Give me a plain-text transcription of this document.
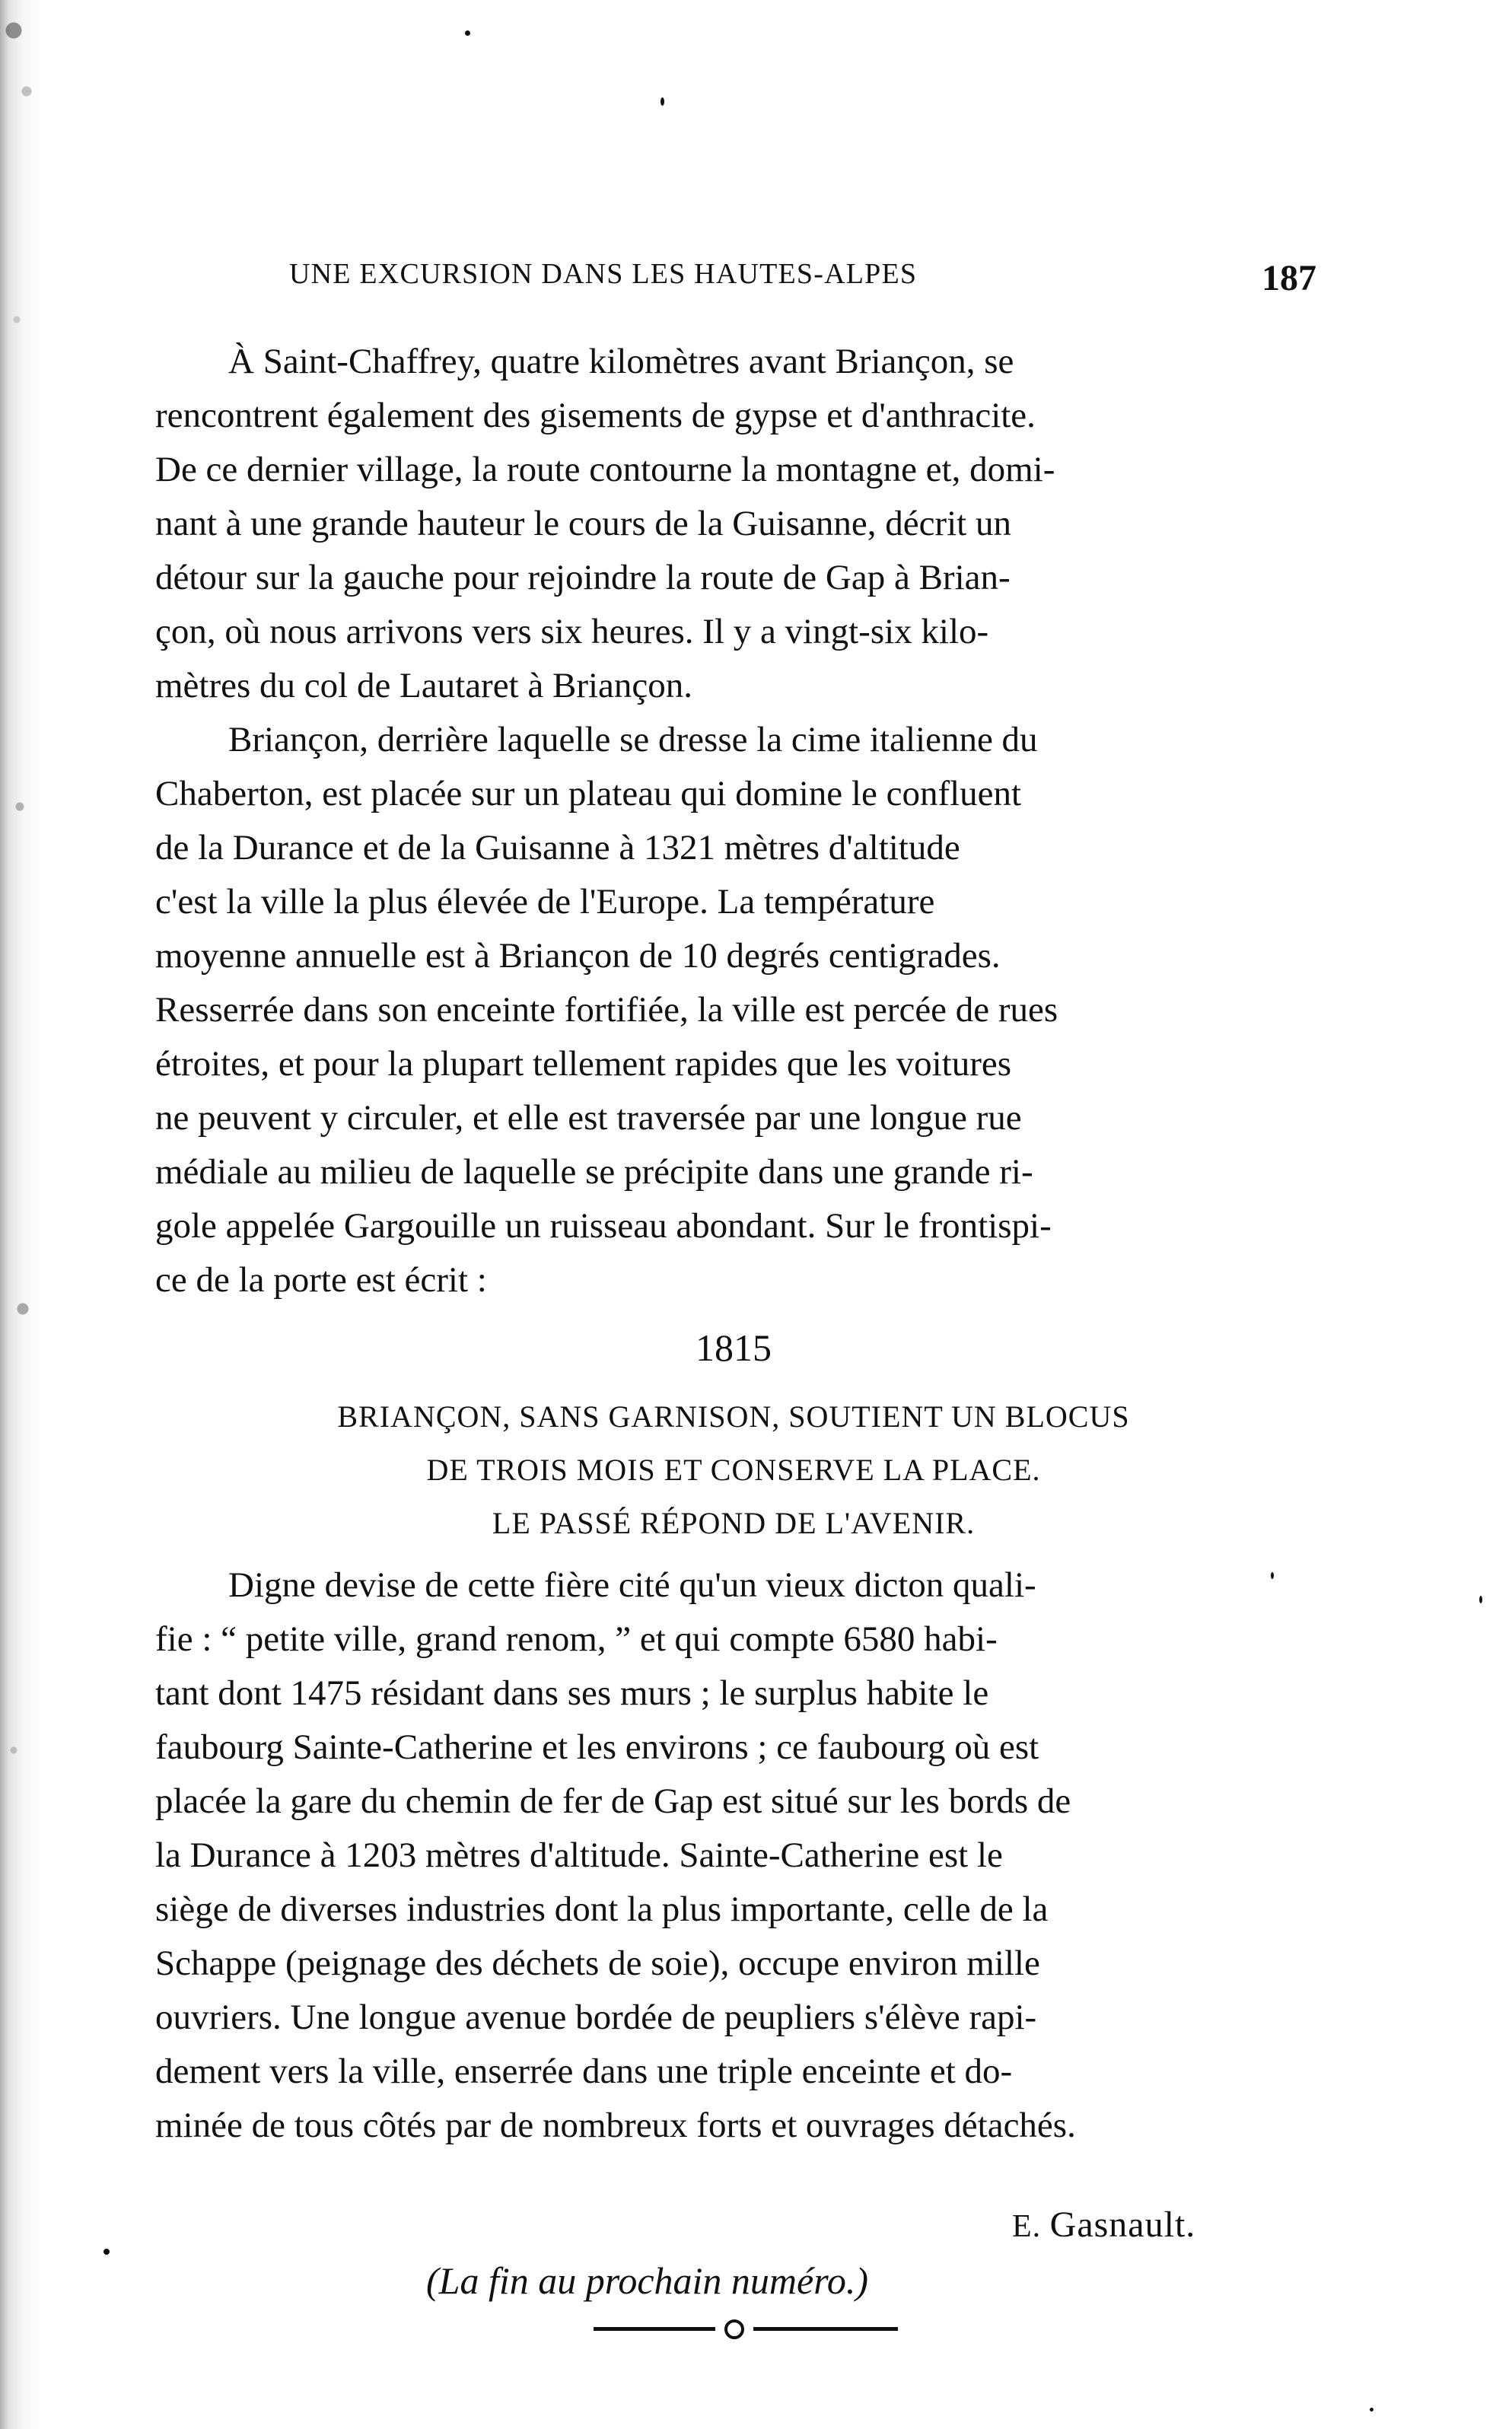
UNE EXCURSION DANS LES HAUTES-ALPES	187
À Saint-Chaffrey, quatre kilomètres avant Briançon, se
rencontrent également des gisements de gypse et d'anthracite.
De ce dernier village, la route contourne la montagne et, domi-
nant à une grande hauteur le cours de la Guisanne, décrit un
détour sur la gauche pour rejoindre la route de Gap à Brian-
çon, où nous arrivons vers six heures. Il y a vingt-six kilo-
mètres du col de Lautaret à Briançon.
Briançon, derrière laquelle se dresse la cime italienne du
Chaberton, est placée sur un plateau qui domine le confluent
de la Durance et de la Guisanne à 1321 mètres d'altitude
c'est la ville la plus élevée de l'Europe. La température
moyenne annuelle est à Briançon de 10 degrés centigrades.
Resserrée dans son enceinte fortifiée, la ville est percée de rues
étroites, et pour la plupart tellement rapides que les voitures
ne peuvent y circuler, et elle est traversée par une longue rue
médiale au milieu de laquelle se précipite dans une grande ri-
gole appelée Gargouille un ruisseau abondant. Sur le frontispi-
ce de la porte est écrit :
1815
BRIANÇON, SANS GARNISON, SOUTIENT UN BLOCUS
DE TROIS MOIS ET CONSERVE LA PLACE.
LE PASSÉ RÉPOND DE L'AVENIR.
Digne devise de cette fière cité qu'un vieux dicton quali-
fie : “ petite ville, grand renom, ” et qui compte 6580 habi-
tant dont 1475 résidant dans ses murs ; le surplus habite le
faubourg Sainte-Catherine et les environs ; ce faubourg où est
placée la gare du chemin de fer de Gap est situé sur les bords de
la Durance à 1203 mètres d'altitude. Sainte-Catherine est le
siège de diverses industries dont la plus importante, celle de la
Schappe (peignage des déchets de soie), occupe environ mille
ouvriers. Une longue avenue bordée de peupliers s'élève rapi-
dement vers la ville, enserrée dans une triple enceinte et do-
minée de tous côtés par de nombreux forts et ouvrages détachés.
E. Gasnault.
(La fin au prochain numéro.)
